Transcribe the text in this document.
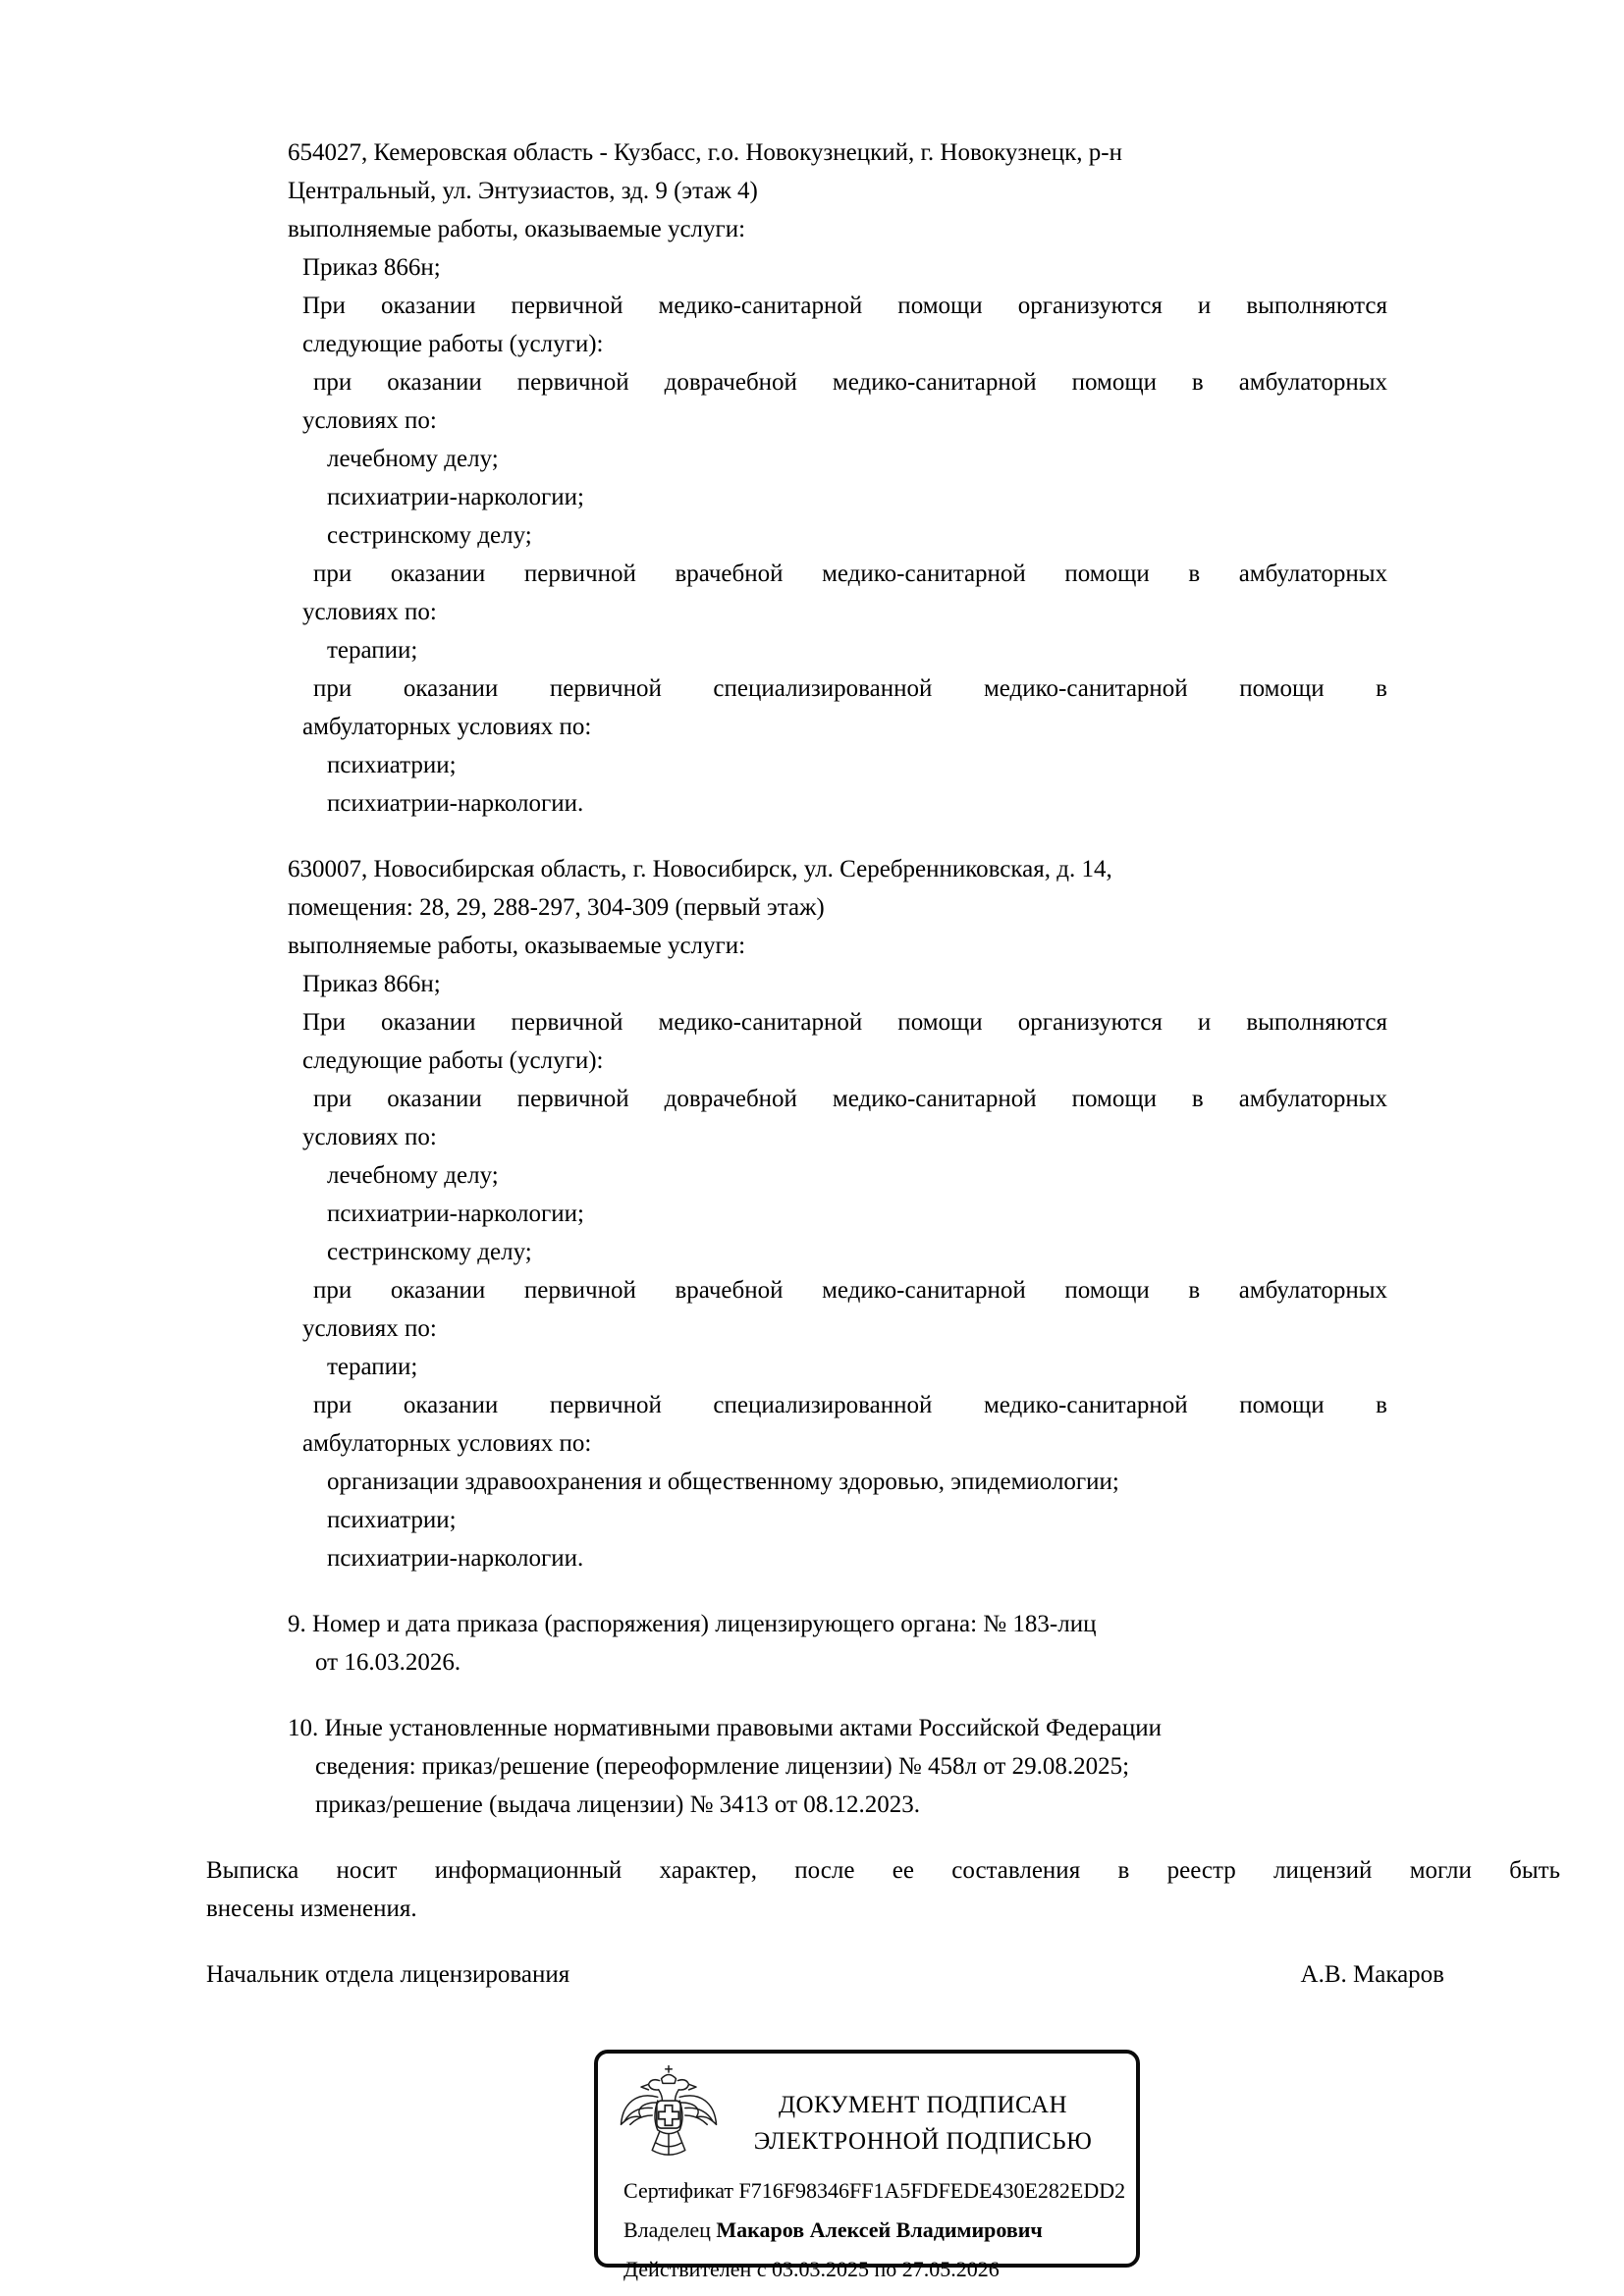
654027, Кемеровская область - Кузбасс, г.о. Новокузнецкий, г. Новокузнецк, р-н
Центральный, ул. Энтузиастов, зд. 9 (этаж 4)
выполняемые работы, оказываемые услуги:
Приказ 866н;
При оказании первичной медико-санитарной помощи организуются и выполняются
следующие работы (услуги):
при оказании первичной доврачебной медико-санитарной помощи в амбулаторных
условиях по:
лечебному делу;
психиатрии-наркологии;
сестринскому делу;
при оказании первичной врачебной медико-санитарной помощи в амбулаторных
условиях по:
терапии;
при оказании первичной специализированной медико-санитарной помощи в
амбулаторных условиях по:
психиатрии;
психиатрии-наркологии.
630007, Новосибирская область, г. Новосибирск, ул. Серебренниковская, д. 14,
помещения: 28, 29, 288-297, 304-309 (первый этаж)
выполняемые работы, оказываемые услуги:
Приказ 866н;
При оказании первичной медико-санитарной помощи организуются и выполняются
следующие работы (услуги):
при оказании первичной доврачебной медико-санитарной помощи в амбулаторных
условиях по:
лечебному делу;
психиатрии-наркологии;
сестринскому делу;
при оказании первичной врачебной медико-санитарной помощи в амбулаторных
условиях по:
терапии;
при оказании первичной специализированной медико-санитарной помощи в
амбулаторных условиях по:
организации здравоохранения и общественному здоровью, эпидемиологии;
психиатрии;
психиатрии-наркологии.
9. Номер и дата приказа (распоряжения) лицензирующего органа: № 183-лиц
от 16.03.2026.
10. Иные установленные нормативными правовыми актами Российской Федерации
сведения: приказ/решение (переоформление лицензии) № 458л от 29.08.2025;
приказ/решение (выдача лицензии) № 3413 от 08.12.2023.
Выписка носит информационный характер, после ее составления в реестр лицензий могли быть
внесены изменения.
Начальник отдела лицензирования	А.В. Макаров
ДОКУМЕНТ ПОДПИСАН
ЭЛЕКТРОННОЙ ПОДПИСЬЮ
Сертификат F716F98346FF1A5FDFEDE430E282EDD2
Владелец Макаров Алексей Владимирович
Действителен с 03.03.2025 по 27.05.2026
